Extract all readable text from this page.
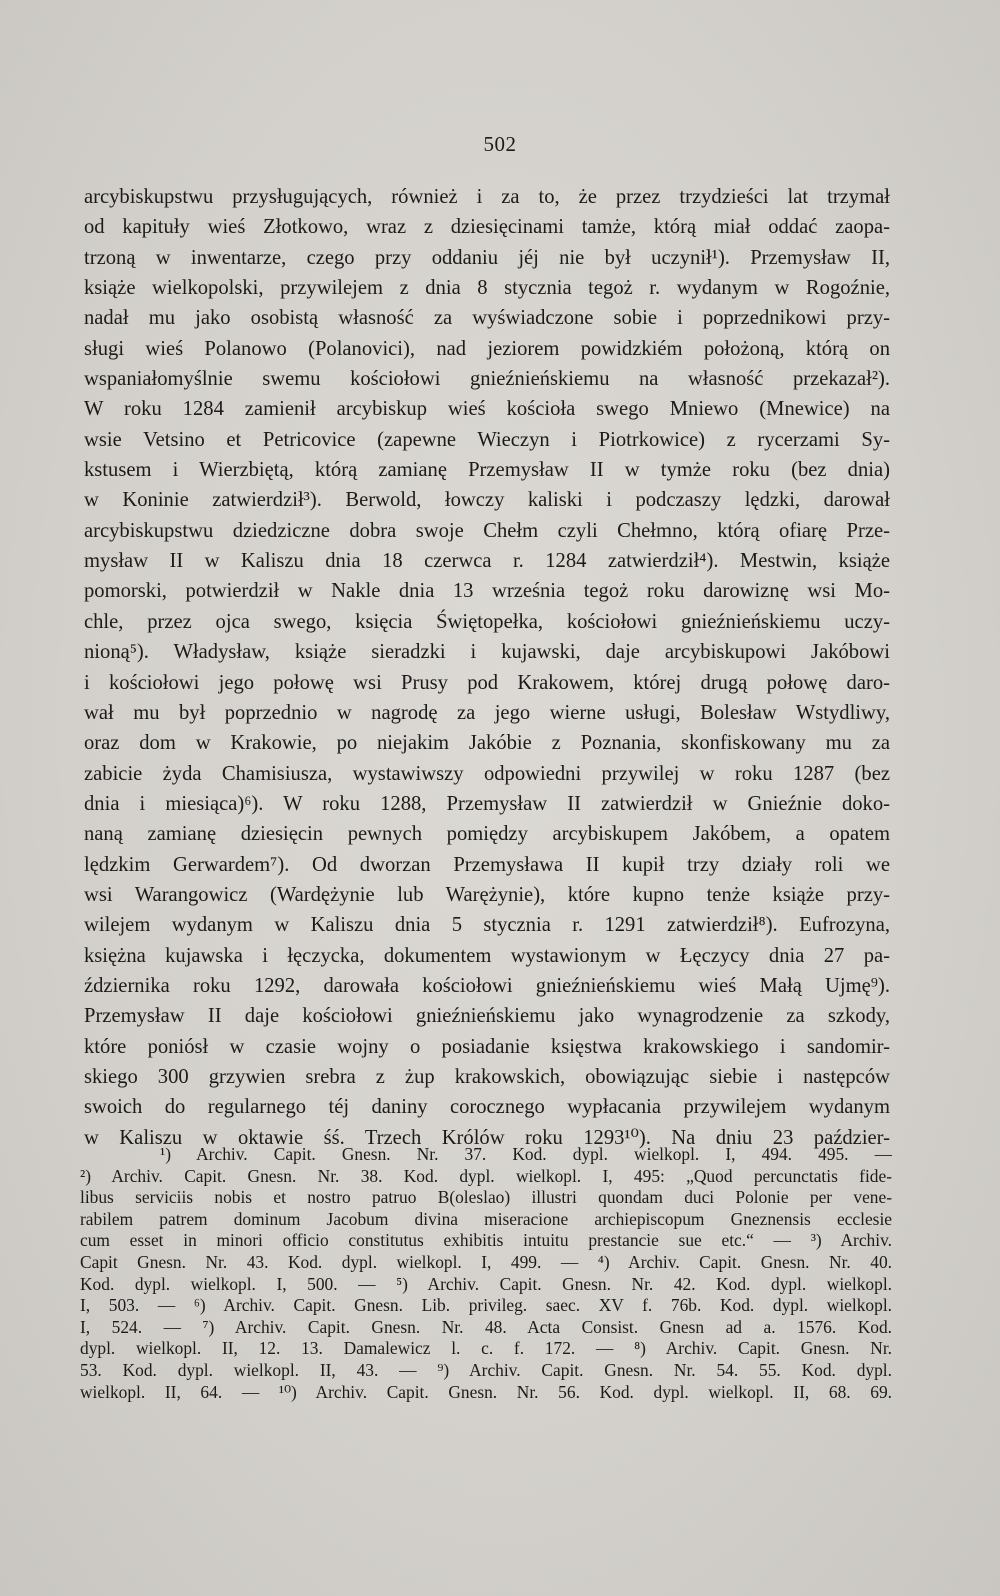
502
arcybiskupstwu przysługujących, również i za to, że przez trzydzieści lat trzymał
od kapituły wieś Złotkowo, wraz z dziesięcinami tamże, którą miał oddać zaopa-
trzoną w inwentarze, czego przy oddaniu jéj nie był uczynił¹). Przemysław II,
książe wielkopolski, przywilejem z dnia 8 stycznia tegoż r. wydanym w Rogoźnie,
nadał mu jako osobistą własność za wyświadczone sobie i poprzednikowi przy-
sługi wieś Polanowo (Polanovici), nad jeziorem powidzkiém położoną, którą on
wspaniałomyślnie swemu kościołowi gnieźnieńskiemu na własność przekazał²).
W roku 1284 zamienił arcybiskup wieś kościoła swego Mniewo (Mnewice) na
wsie Vetsino et Petricovice (zapewne Wieczyn i Piotrkowice) z rycerzami Sy-
kstusem i Wierzbiętą, którą zamianę Przemysław II w tymże roku (bez dnia)
w Koninie zatwierdził³). Berwold, łowczy kaliski i podczaszy lędzki, darował
arcybiskupstwu dziedziczne dobra swoje Chełm czyli Chełmno, którą ofiarę Prze-
mysław II w Kaliszu dnia 18 czerwca r. 1284 zatwierdził⁴). Mestwin, książe
pomorski, potwierdził w Nakle dnia 13 września tegoż roku darowiznę wsi Mo-
chle, przez ojca swego, księcia Świętopełka, kościołowi gnieźnieńskiemu uczy-
nioną⁵). Władysław, książe sieradzki i kujawski, daje arcybiskupowi Jakóbowi
i kościołowi jego połowę wsi Prusy pod Krakowem, której drugą połowę daro-
wał mu był poprzednio w nagrodę za jego wierne usługi, Bolesław Wstydliwy,
oraz dom w Krakowie, po niejakim Jakóbie z Poznania, skonfiskowany mu za
zabicie żyda Chamisiusza, wystawiwszy odpowiedni przywilej w roku 1287 (bez
dnia i miesiąca)⁶). W roku 1288, Przemysław II zatwierdził w Gnieźnie doko-
naną zamianę dziesięcin pewnych pomiędzy arcybiskupem Jakóbem, a opatem
lędzkim Gerwardem⁷). Od dworzan Przemysława II kupił trzy działy roli we
wsi Warangowicz (Wardężynie lub Warężynie), które kupno tenże książe przy-
wilejem wydanym w Kaliszu dnia 5 stycznia r. 1291 zatwierdził⁸). Eufrozyna,
księżna kujawska i łęczycka, dokumentem wystawionym w Łęczycy dnia 27 pa-
ździernika roku 1292, darowała kościołowi gnieźnieńskiemu wieś Małą Ujmę⁹).
Przemysław II daje kościołowi gnieźnieńskiemu jako wynagrodzenie za szkody,
które poniósł w czasie wojny o posiadanie księstwa krakowskiego i sandomir-
skiego 300 grzywien srebra z żup krakowskich, obowiązując siebie i następców
swoich do regularnego téj daniny corocznego wypłacania przywilejem wydanym
w Kaliszu w oktawie śś. Trzech Królów roku 1293¹⁰). Na dniu 23 paździer-
¹) Archiv. Capit. Gnesn. Nr. 37. Kod. dypl. wielkopl. I, 494. 495. —
²) Archiv. Capit. Gnesn. Nr. 38. Kod. dypl. wielkopl. I, 495: „Quod percunctatis fide-
libus serviciis nobis et nostro patruo B(oleslao) illustri quondam duci Polonie per vene-
rabilem patrem dominum Jacobum divina miseracione archiepiscopum Gneznensis ecclesie
cum esset in minori officio constitutus exhibitis intuitu prestancie sue etc.“ — ³) Archiv.
Capit Gnesn. Nr. 43. Kod. dypl. wielkopl. I, 499. — ⁴) Archiv. Capit. Gnesn. Nr. 40.
Kod. dypl. wielkopl. I, 500. — ⁵) Archiv. Capit. Gnesn. Nr. 42. Kod. dypl. wielkopl.
I, 503. — ⁶) Archiv. Capit. Gnesn. Lib. privileg. saec. XV f. 76b. Kod. dypl. wielkopl.
I, 524. — ⁷) Archiv. Capit. Gnesn. Nr. 48. Acta Consist. Gnesn ad a. 1576. Kod.
dypl. wielkopl. II, 12. 13. Damalewicz l. c. f. 172. — ⁸) Archiv. Capit. Gnesn. Nr.
53. Kod. dypl. wielkopl. II, 43. — ⁹) Archiv. Capit. Gnesn. Nr. 54. 55. Kod. dypl.
wielkopl. II, 64. — ¹⁰) Archiv. Capit. Gnesn. Nr. 56. Kod. dypl. wielkopl. II, 68. 69.
